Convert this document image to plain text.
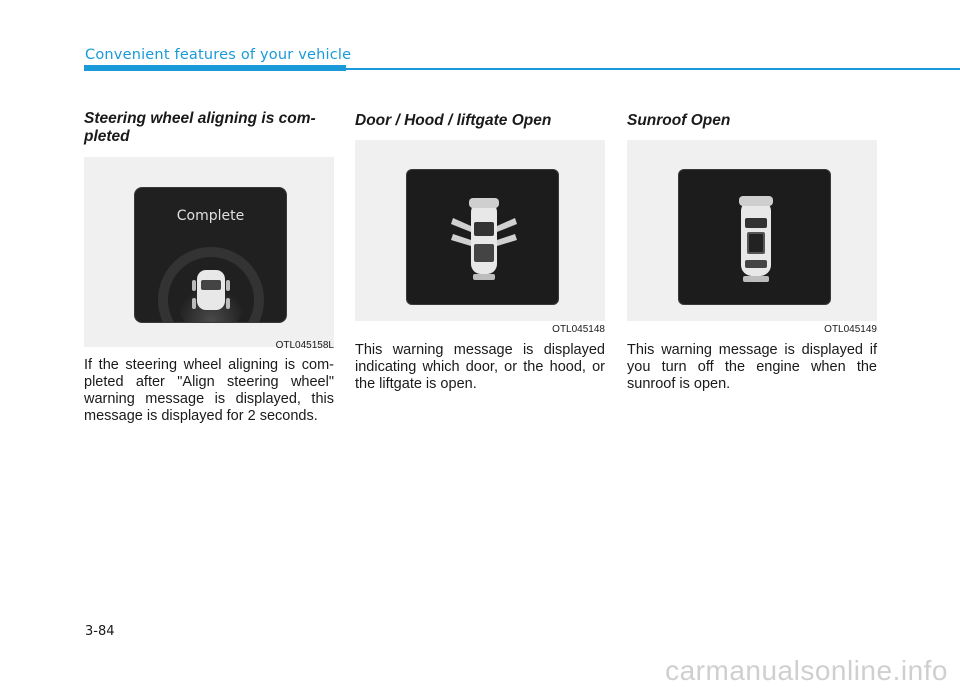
Convenient features of your vehicle
Steering wheel aligning is com-
pleted
Complete
OTL045158L
If the steering wheel aligning is com-pleted after "Align steering wheel" warning message is displayed, this message is displayed for 2 seconds.
Door / Hood / liftgate Open
OTL045148
This warning message is displayed indicating which door, or the hood, or the liftgate is open.
Sunroof Open
OTL045149
This warning message is displayed if you turn off the engine when the sunroof is open.
3-84
carmanualsonline.info
